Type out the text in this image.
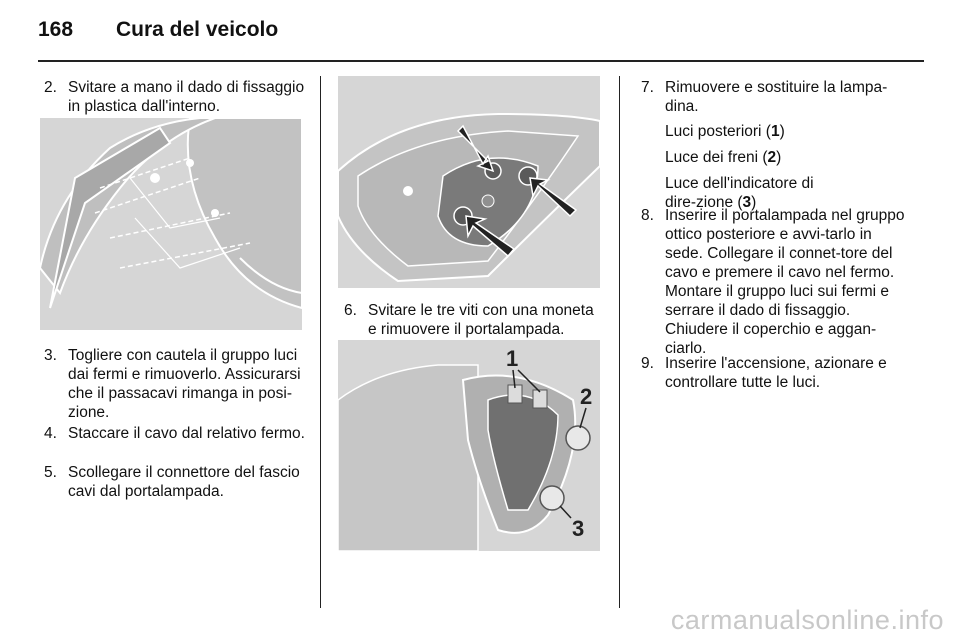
168 Cura del veicolo
2. Svitare a mano il dado di fissaggio in plastica dall'interno.
3. Togliere con cautela il gruppo luci dai fermi e rimuoverlo. Assicurarsi che il passacavi rimanga in posi-zione.
4. Staccare il cavo dal relativo fermo.
5. Scollegare il connettore del fascio cavi dal portalampada.
6. Svitare le tre viti con una moneta e rimuovere il portalampada.
1
2
3
7. Rimuovere e sostituire la lampa-dina.
Luci posteriori (1)
Luce dei freni (2)
Luce dell'indicatore di dire-zione (3)
8. Inserire il portalampada nel gruppo ottico posteriore e avvi-tarlo in sede. Collegare il connet-tore del cavo e premere il cavo nel fermo. Montare il gruppo luci sui fermi e serrare il dado di fissaggio. Chiudere il coperchio e aggan-ciarlo.
9. Inserire l'accensione, azionare e controllare tutte le luci.
carmanualsonline.info
